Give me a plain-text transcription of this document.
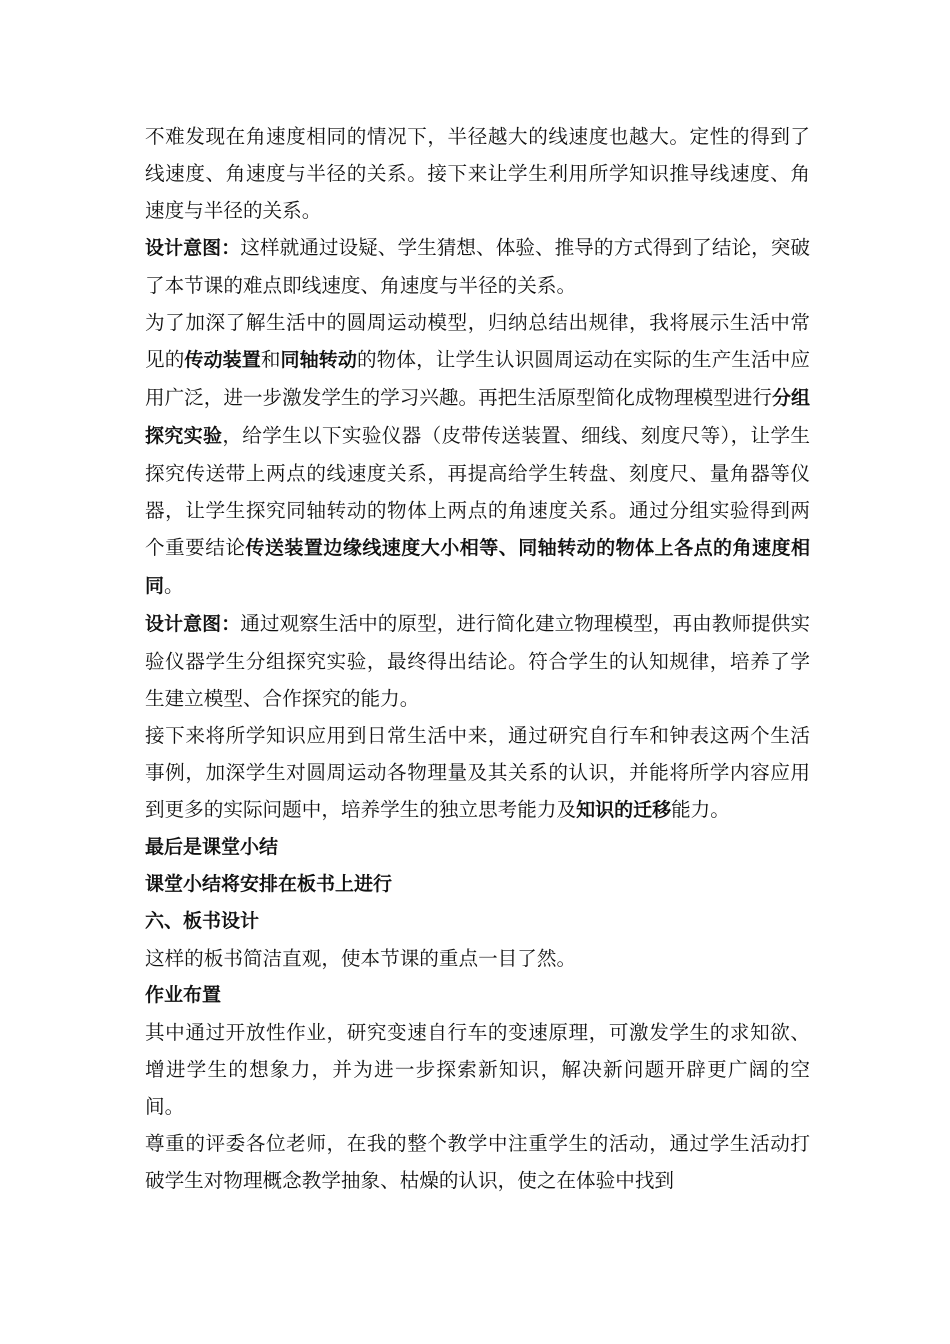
不难发现在角速度相同的情况下，半径越大的线速度也越大。定性的得到了线速度、角速度与半径的关系。接下来让学生利用所学知识推导线速度、角速度与半径的关系。

设计意图：这样就通过设疑、学生猜想、体验、推导的方式得到了结论，突破了本节课的难点即线速度、角速度与半径的关系。

为了加深了解生活中的圆周运动模型，归纳总结出规律，我将展示生活中常见的传动装置和同轴转动的物体，让学生认识圆周运动在实际的生产生活中应用广泛，进一步激发学生的学习兴趣。再把生活原型简化成物理模型进行分组探究实验，给学生以下实验仪器（皮带传送装置、细线、刻度尺等），让学生探究传送带上两点的线速度关系，再提高给学生转盘、刻度尺、量角器等仪器，让学生探究同轴转动的物体上两点的角速度关系。通过分组实验得到两个重要结论传送装置边缘线速度大小相等、同轴转动的物体上各点的角速度相同。

设计意图：通过观察生活中的原型，进行简化建立物理模型，再由教师提供实验仪器学生分组探究实验，最终得出结论。符合学生的认知规律，培养了学生建立模型、合作探究的能力。

接下来将所学知识应用到日常生活中来，通过研究自行车和钟表这两个生活事例，加深学生对圆周运动各物理量及其关系的认识，并能将所学内容应用到更多的实际问题中，培养学生的独立思考能力及知识的迁移能力。

最后是课堂小结

课堂小结将安排在板书上进行

六、板书设计

这样的板书简洁直观，使本节课的重点一目了然。

作业布置

其中通过开放性作业，研究变速自行车的变速原理，可激发学生的求知欲、增进学生的想象力，并为进一步探索新知识，解决新问题开辟更广阔的空间。

尊重的评委各位老师，在我的整个教学中注重学生的活动，通过学生活动打破学生对物理概念教学抽象、枯燥的认识，使之在体验中找到
